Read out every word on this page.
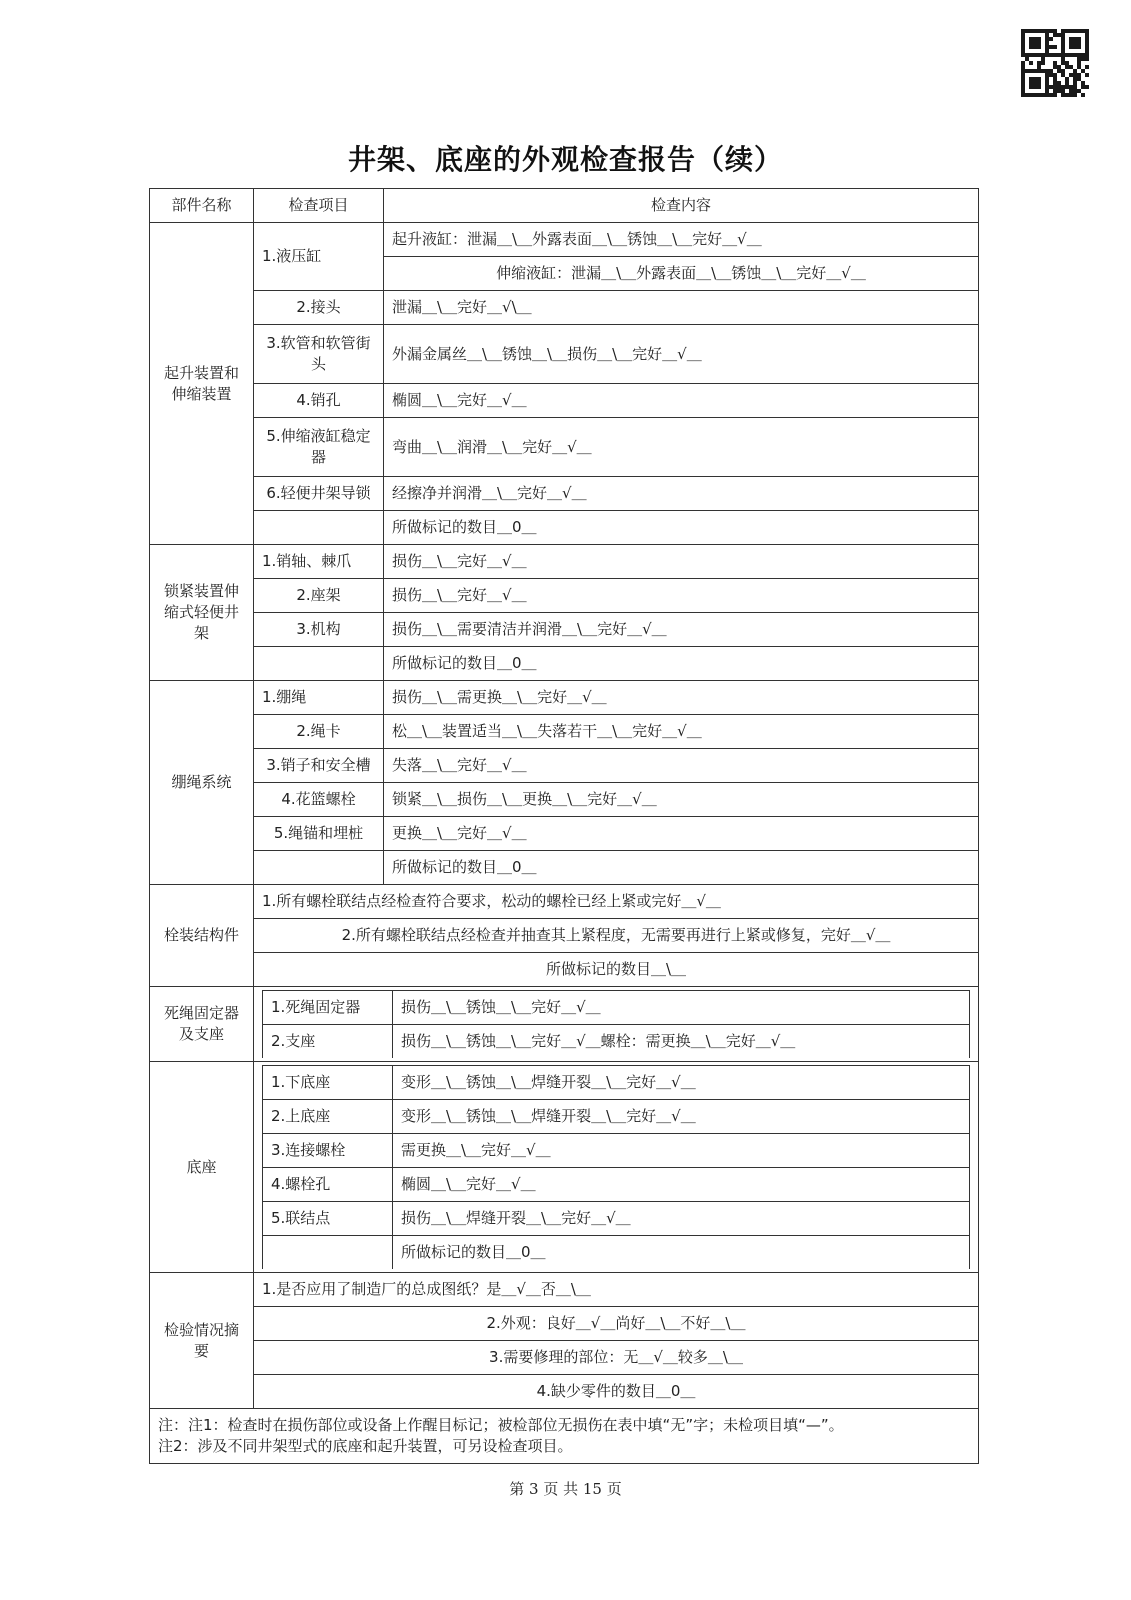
井架、底座的外观检查报告（续）
部件名称	检查项目	检查内容
起升装置和伸缩装置	1.液压缸	起升液缸：泄漏＿\＿外露表面＿\＿锈蚀＿\＿完好＿√＿
伸缩液缸：泄漏＿\＿外露表面＿\＿锈蚀＿\＿完好＿√＿
2.接头	泄漏＿\＿完好＿√\＿
3.软管和软管街头	外漏金属丝＿\＿锈蚀＿\＿损伤＿\＿完好＿√＿
4.销孔	椭圆＿\＿完好＿√＿
5.伸缩液缸稳定器	弯曲＿\＿润滑＿\＿完好＿√＿
6.轻便井架导锁	经擦净并润滑＿\＿完好＿√＿
	所做标记的数目＿0＿
锁紧装置伸缩式轻便井架	1.销轴、棘爪	损伤＿\＿完好＿√＿
2.座架	损伤＿\＿完好＿√＿
3.机构	损伤＿\＿需要清洁并润滑＿\＿完好＿√＿
	所做标记的数目＿0＿
绷绳系统	1.绷绳	损伤＿\＿需更换＿\＿完好＿√＿
2.绳卡	松＿\＿装置适当＿\＿失落若干＿\＿完好＿√＿
3.销子和安全槽	失落＿\＿完好＿√＿
4.花篮螺栓	锁紧＿\＿损伤＿\＿更换＿\＿完好＿√＿
5.绳锚和埋桩	更换＿\＿完好＿√＿
	所做标记的数目＿0＿
栓装结构件	1.所有螺栓联结点经检查符合要求，松动的螺栓已经上紧或完好＿√＿
2.所有螺栓联结点经检查并抽查其上紧程度，无需要再进行上紧或修复，完好＿√＿
所做标记的数目＿\＿
死绳固定器及支座	
1.死绳固定器	损伤＿\＿锈蚀＿\＿完好＿√＿
2.支座	损伤＿\＿锈蚀＿\＿完好＿√＿螺栓：需更换＿\＿完好＿√＿

底座	
1.下底座	变形＿\＿锈蚀＿\＿焊缝开裂＿\＿完好＿√＿
2.上底座	变形＿\＿锈蚀＿\＿焊缝开裂＿\＿完好＿√＿
3.连接螺栓	需更换＿\＿完好＿√＿
4.螺栓孔	椭圆＿\＿完好＿√＿
5.联结点	损伤＿\＿焊缝开裂＿\＿完好＿√＿
	所做标记的数目＿0＿

检验情况摘要	1.是否应用了制造厂的总成图纸？是＿√＿否＿\＿
2.外观：良好＿√＿尚好＿\＿不好＿\＿
3.需要修理的部位：无＿√＿较多＿\＿
4.缺少零件的数目＿0＿

注：注1：检查时在损伤部位或设备上作醒目标记；被检部位无损伤在表中填“无”字；未检项目填“—”。
注2：涉及不同井架型式的底座和起升装置，可另设检查项目。
第 3 页 共 15 页
